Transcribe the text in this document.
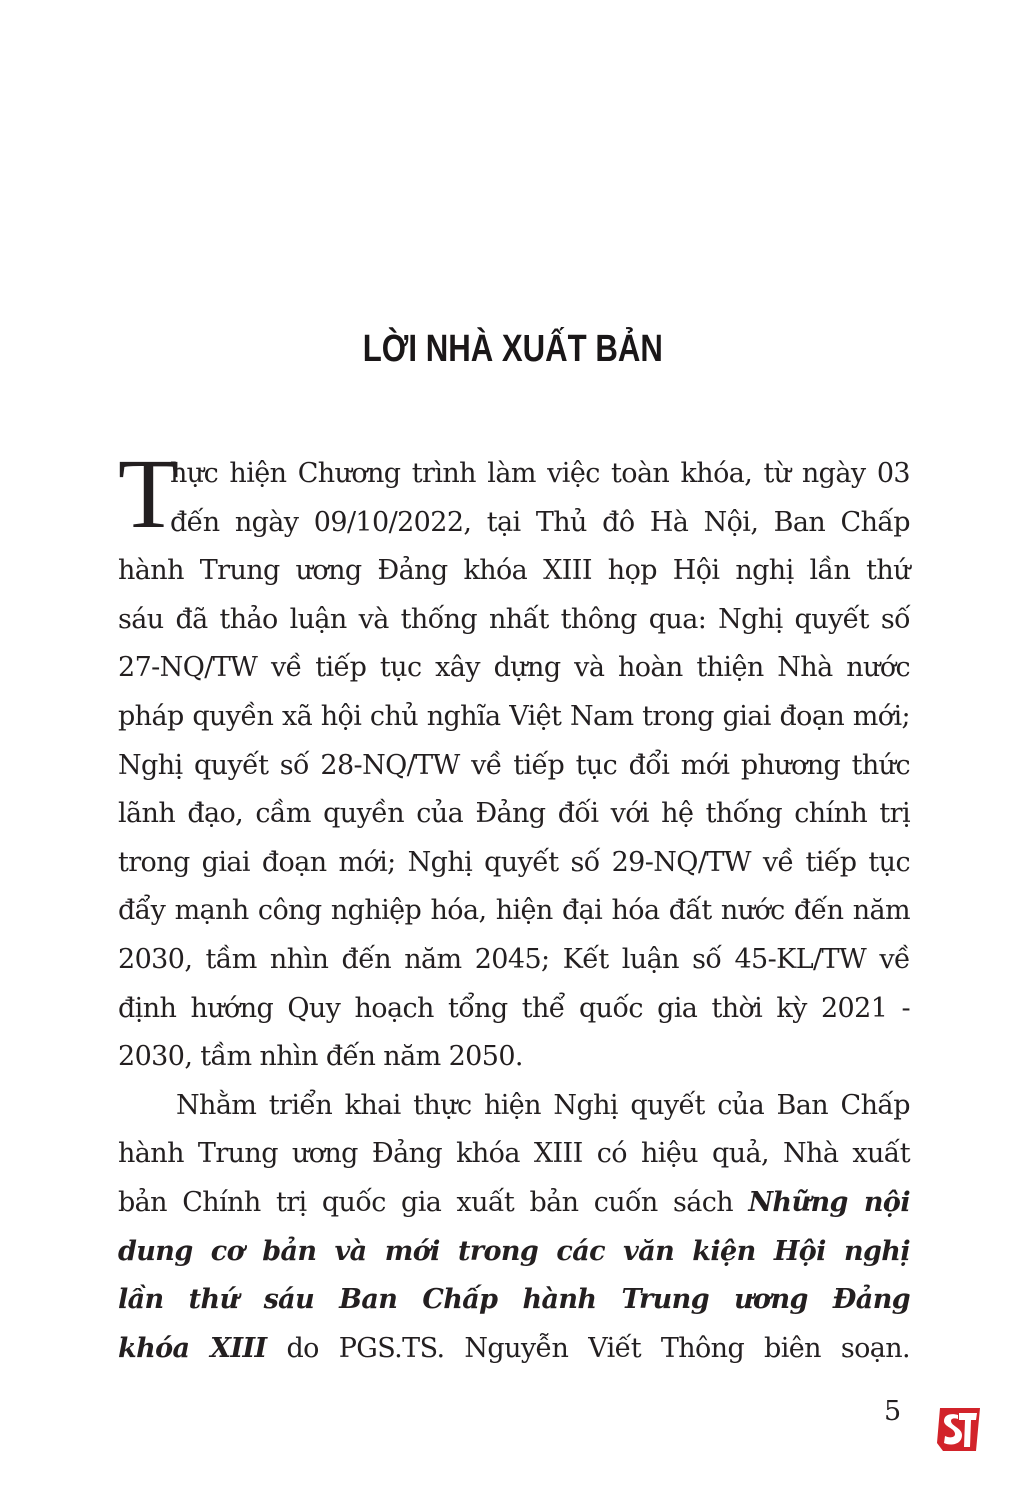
LỜI NHÀ XUẤT BẢN
T
hực hiện Chương trình làm việc toàn khóa, từ ngày 03
đến ngày 09/10/2022, tại Thủ đô Hà Nội, Ban Chấp
hành Trung ương Đảng khóa XIII họp Hội nghị lần thứ
sáu đã thảo luận và thống nhất thông qua: Nghị quyết số
27-NQ/TW về tiếp tục xây dựng và hoàn thiện Nhà nước
pháp quyền xã hội chủ nghĩa Việt Nam trong giai đoạn mới;
Nghị quyết số 28-NQ/TW về tiếp tục đổi mới phương thức
lãnh đạo, cầm quyền của Đảng đối với hệ thống chính trị
trong giai đoạn mới; Nghị quyết số 29-NQ/TW về tiếp tục
đẩy mạnh công nghiệp hóa, hiện đại hóa đất nước đến năm
2030, tầm nhìn đến năm 2045; Kết luận số 45-KL/TW về
định hướng Quy hoạch tổng thể quốc gia thời kỳ 2021 -
2030, tầm nhìn đến năm 2050.
Nhằm triển khai thực hiện Nghị quyết của Ban Chấp
hành Trung ương Đảng khóa XIII có hiệu quả, Nhà xuất
bản Chính trị quốc gia xuất bản cuốn sách Những nội
dung cơ bản và mới trong các văn kiện Hội nghị
lần thứ sáu Ban Chấp hành Trung ương Đảng
khóa XIII do PGS.TS. Nguyễn Viết Thông biên soạn.
5
